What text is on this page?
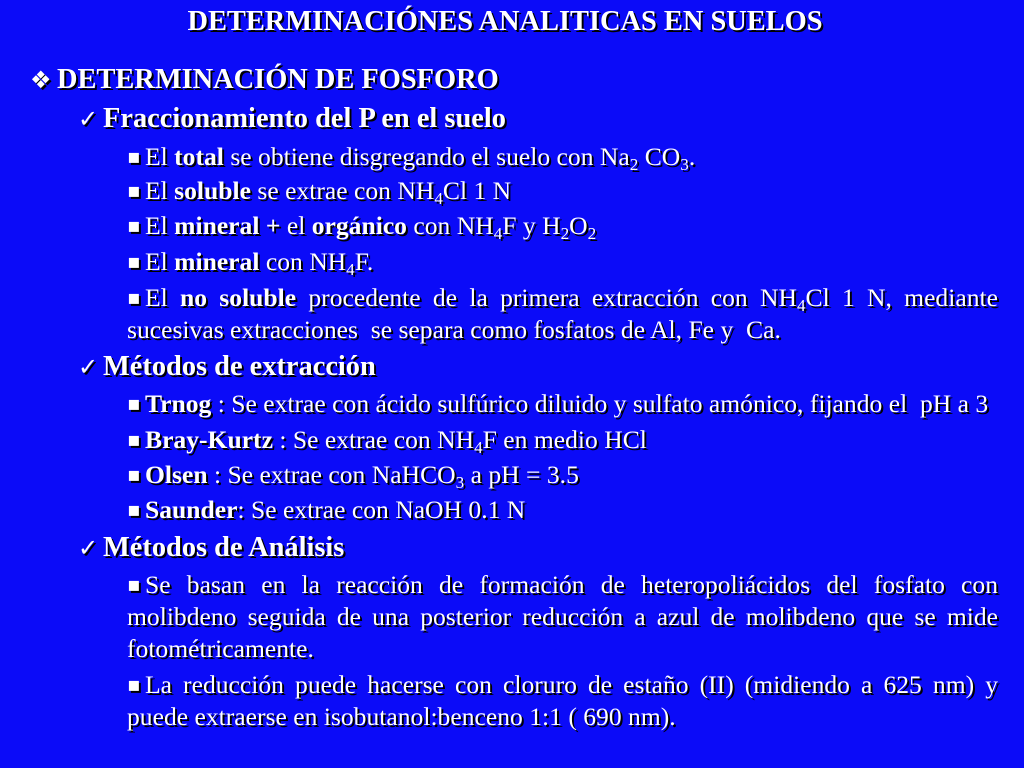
DETERMINACIÓNES ANALITICAS EN SUELOS
❖ DETERMINACIÓN DE FOSFORO
✓ Fraccionamiento del P en el suelo
▪ El total se obtiene disgregando el suelo con Na2 CO3.
▪ El soluble se extrae con NH4Cl 1 N
▪ El mineral + el orgánico con NH4F y H2O2
▪ El mineral con NH4F.
▪ El no soluble procedente de la primera extracción con NH4Cl 1 N, mediante sucesivas extracciones  se separa como fosfatos de Al, Fe y  Ca.
✓ Métodos de extracción
▪ Trnog : Se extrae con ácido sulfúrico diluido y sulfato amónico, fijando el  pH a 3
▪ Bray-Kurtz : Se extrae con NH4F en medio HCl
▪ Olsen : Se extrae con NaHCO3 a pH = 3.5
▪ Saunder: Se extrae con NaOH 0.1 N
✓ Métodos de Análisis
▪ Se basan en la reacción de formación de heteropoliácidos del fosfato con molibdeno seguida de una posterior reducción a azul de molibdeno que se mide fotométricamente.
▪ La reducción puede hacerse con cloruro de estaño (II) (midiendo a 625 nm) y puede extraerse en isobutanol:benceno 1:1 ( 690 nm).
